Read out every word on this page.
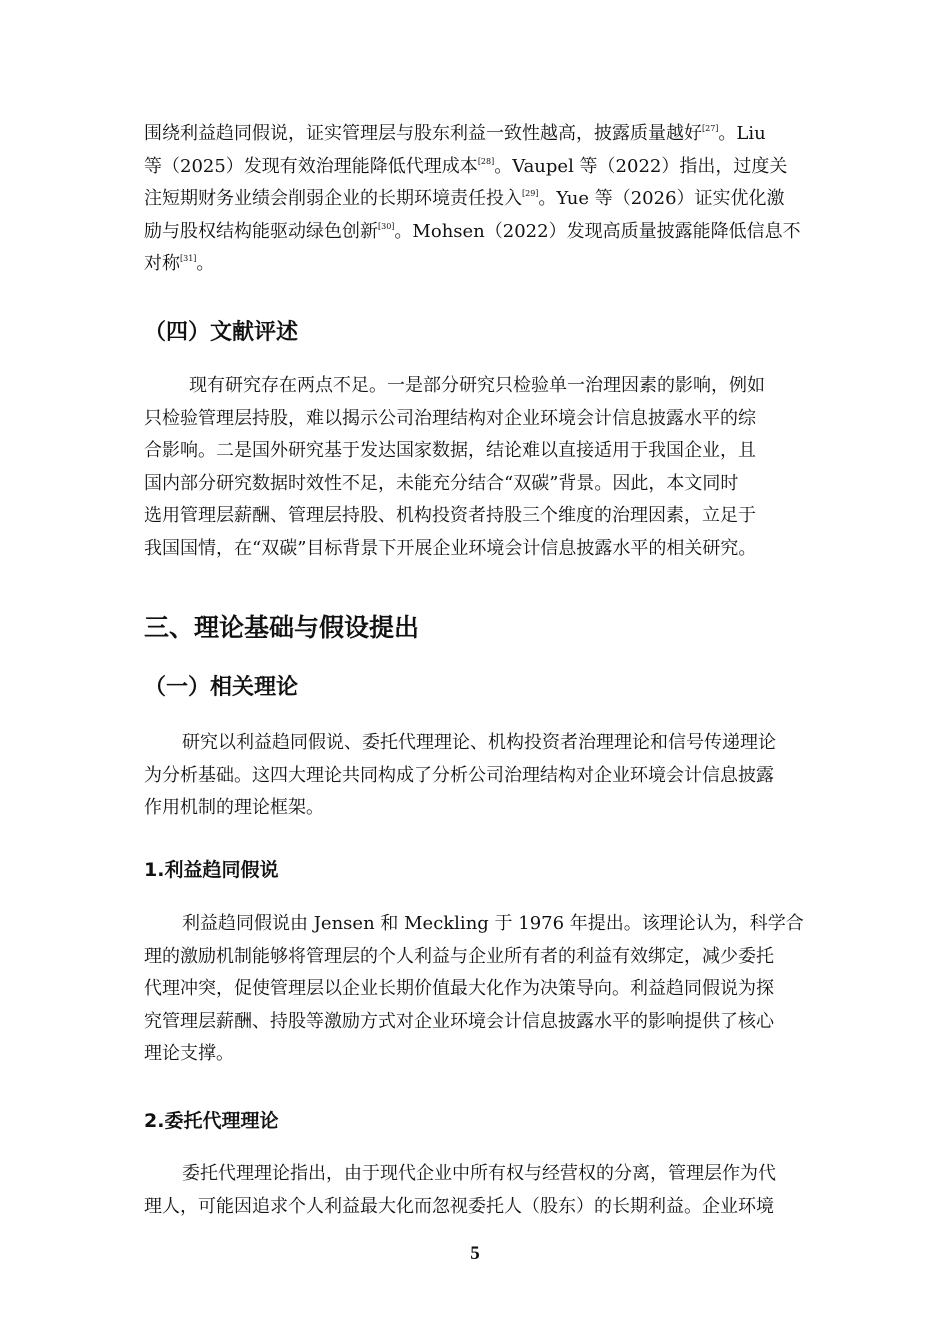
围绕利益趋同假说，证实管理层与股东利益一致性越高，披露质量越好[27]。Liu
等（2025）发现有效治理能降低代理成本[28]。Vaupel 等（2022）指出，过度关
注短期财务业绩会削弱企业的长期环境责任投入[29]。Yue 等（2026）证实优化激
励与股权结构能驱动绿色创新[30]。Mohsen（2022）发现高质量披露能降低信息不
对称[31]。

（四）文献评述

现有研究存在两点不足。一是部分研究只检验单一治理因素的影响，例如
只检验管理层持股，难以揭示公司治理结构对企业环境会计信息披露水平的综
合影响。二是国外研究基于发达国家数据，结论难以直接适用于我国企业，且
国内部分研究数据时效性不足，未能充分结合“双碳”背景。因此，本文同时
选用管理层薪酬、管理层持股、机构投资者持股三个维度的治理因素，立足于
我国国情，在“双碳”目标背景下开展企业环境会计信息披露水平的相关研究。

三、理论基础与假设提出
（一）相关理论

研究以利益趋同假说、委托代理理论、机构投资者治理理论和信号传递理论
为分析基础。这四大理论共同构成了分析公司治理结构对企业环境会计信息披露
作用机制的理论框架。

1.利益趋同假说

利益趋同假说由 Jensen 和 Meckling 于 1976 年提出。该理论认为，科学合
理的激励机制能够将管理层的个人利益与企业所有者的利益有效绑定，减少委托
代理冲突，促使管理层以企业长期价值最大化作为决策导向。利益趋同假说为探
究管理层薪酬、持股等激励方式对企业环境会计信息披露水平的影响提供了核心
理论支撑。

2.委托代理理论

委托代理理论指出，由于现代企业中所有权与经营权的分离，管理层作为代
理人，可能因追求个人利益最大化而忽视委托人（股东）的长期利益。企业环境

5
